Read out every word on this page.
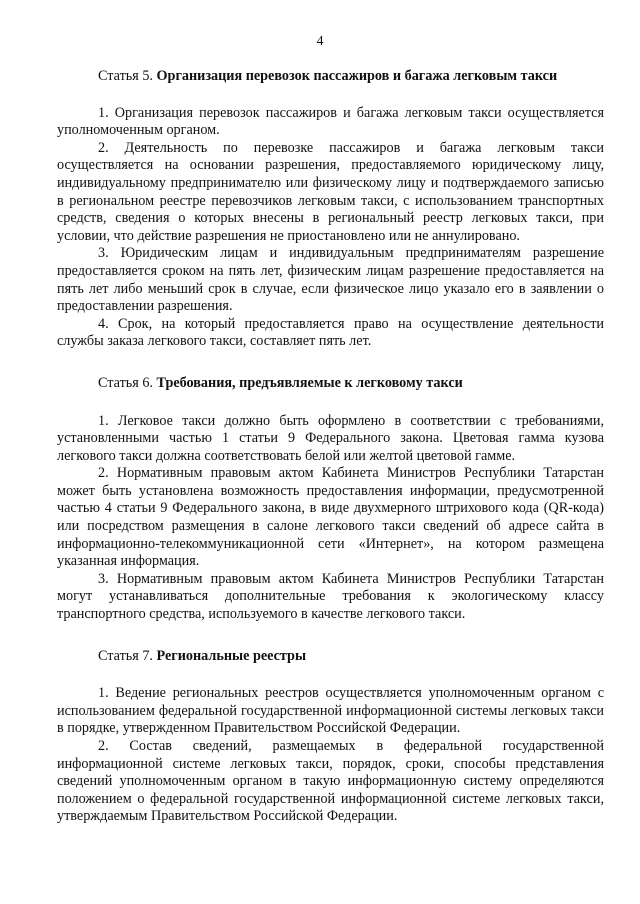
4
Статья 5. Организация перевозок пассажиров и багажа легковым такси

1. Организация перевозок пассажиров и багажа легковым такси осуществляется уполномоченным органом.

2. Деятельность по перевозке пассажиров и багажа легковым такси осуществляется на основании разрешения, предоставляемого юридическому лицу, индивидуальному предпринимателю или физическому лицу и подтверждаемого записью в региональном реестре перевозчиков легковым такси, с использованием транспортных средств, сведения о которых внесены в региональный реестр легковых такси, при условии, что действие разрешения не приостановлено или не аннулировано.

3. Юридическим лицам и индивидуальным предпринимателям разрешение предоставляется сроком на пять лет, физическим лицам разрешение предоставляется на пять лет либо меньший срок в случае, если физическое лицо указало его в заявлении о предоставлении разрешения.

4. Срок, на который предоставляется право на осуществление деятельности службы заказа легкового такси, составляет пять лет.

Статья 6. Требования, предъявляемые к легковому такси

1. Легковое такси должно быть оформлено в соответствии с требованиями, установленными частью 1 статьи 9 Федерального закона. Цветовая гамма кузова легкового такси должна соответствовать белой или желтой цветовой гамме.

2. Нормативным правовым актом Кабинета Министров Республики Татарстан может быть установлена возможность предоставления информации, предусмотренной частью 4 статьи 9 Федерального закона, в виде двухмерного штрихового кода (QR-кода) или посредством размещения в салоне легкового такси сведений об адресе сайта в информационно-телекоммуникационной сети «Интернет», на котором размещена указанная информация.

3. Нормативным правовым актом Кабинета Министров Республики Татарстан могут устанавливаться дополнительные требования к экологическому классу транспортного средства, используемого в качестве легкового такси.

Статья 7. Региональные реестры

1. Ведение региональных реестров осуществляется уполномоченным органом с использованием федеральной государственной информационной системы легковых такси в порядке, утвержденном Правительством Российской Федерации.

2. Состав сведений, размещаемых в федеральной государственной информационной системе легковых такси, порядок, сроки, способы представления сведений уполномоченным органом в такую информационную систему определяются положением о федеральной государственной информационной системе легковых такси, утверждаемым Правительством Российской Федерации.
